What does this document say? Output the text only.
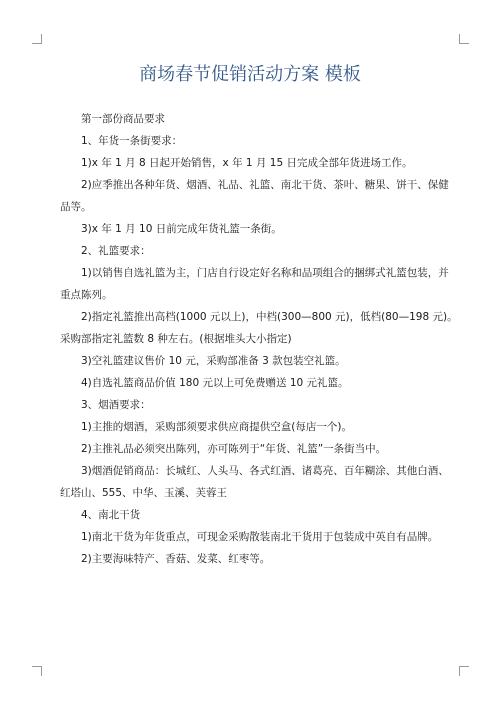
商场春节促销活动方案 模板

第一部份商品要求

1、年货一条街要求：

1)x 年 1 月 8 日起开始销售，x 年 1 月 15 日完成全部年货进场工作。

2)应季推出各种年货、烟酒、礼品、礼篮、南北干货、茶叶、糖果、饼干、保健

品等。

3)x 年 1 月 10 日前完成年货礼篮一条街。

2、礼篮要求：

1)以销售自选礼篮为主，门店自行设定好名称和品项组合的捆绑式礼篮包装，并

重点陈列。

2)指定礼篮推出高档(1000 元以上)，中档(300—800 元)，低档(80—198 元)。

采购部指定礼篮数 8 种左右。(根据堆头大小指定)

3)空礼篮建议售价 10 元，采购部准备 3 款包装空礼篮。

4)自选礼篮商品价值 180 元以上可免费赠送 10 元礼篮。

3、烟酒要求：

1)主推的烟酒，采购部须要求供应商提供空盒(每店一个)。

2)主推礼品必须突出陈列，亦可陈列于“年货、礼篮”一条街当中。

3)烟酒促销商品：长城红、人头马、各式红酒、诸葛亮、百年糊涂、其他白酒、

红塔山、555、中华、玉溪、芙蓉王

4、南北干货

1)南北干货为年货重点，可现金采购散装南北干货用于包装成中英自有品牌。

2)主要海味特产、香菇、发菜、红枣等。
